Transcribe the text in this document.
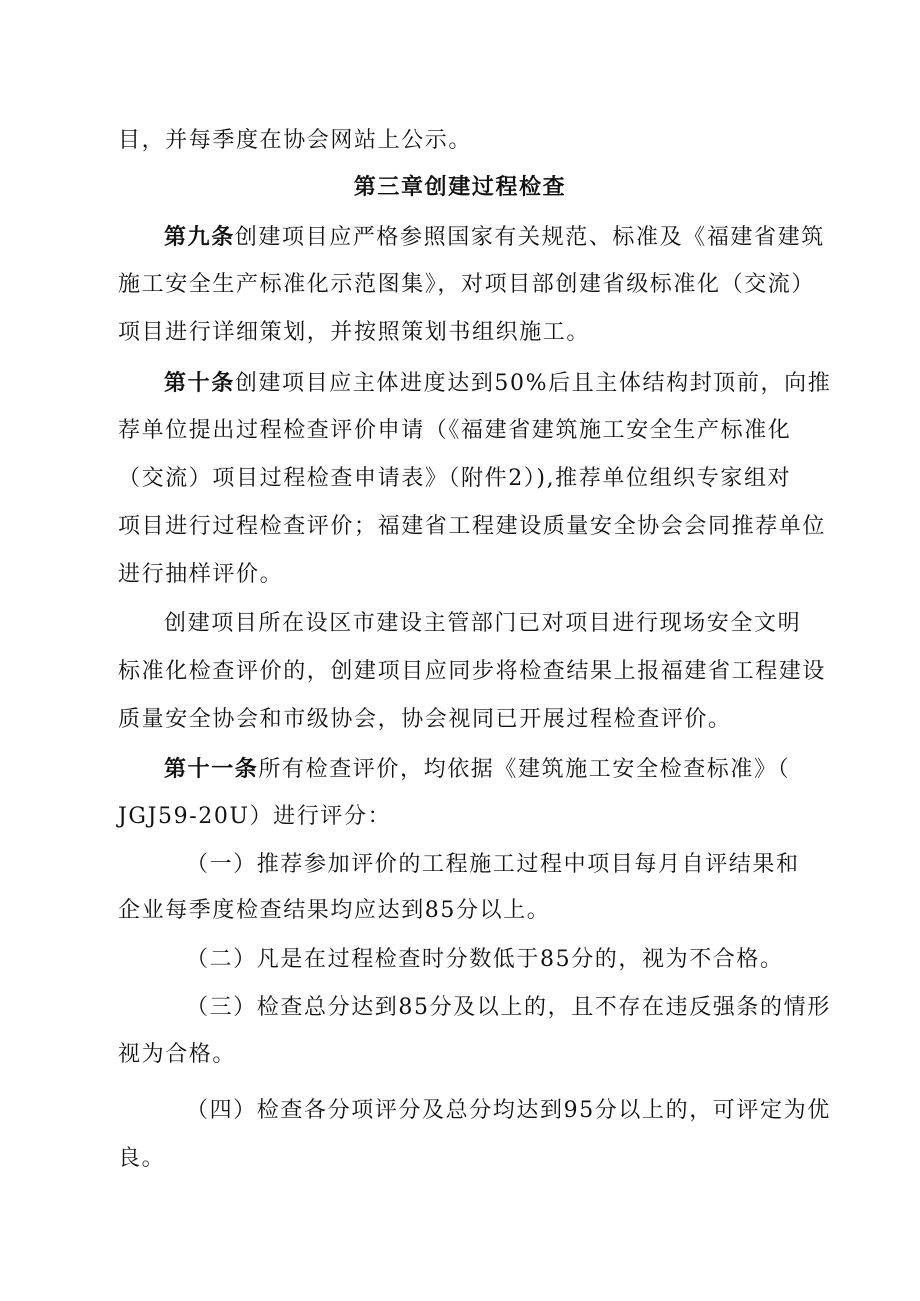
目，并每季度在协会网站上公示。
第三章创建过程检查
第九条创建项目应严格参照国家有关规范、标准及《福建省建筑
施工安全生产标准化示范图集》，对项目部创建省级标准化（交流）
项目进行详细策划，并按照策划书组织施工。
第十条创建项目应主体进度达到50%后且主体结构封顶前，向推
荐单位提出过程检查评价申请（《福建省建筑施工安全生产标准化
（交流）项目过程检查申请表》（附件2）),推荐单位组织专家组对
项目进行过程检查评价；福建省工程建设质量安全协会会同推荐单位
进行抽样评价。
创建项目所在设区市建设主管部门已对项目进行现场安全文明
标准化检查评价的，创建项目应同步将检查结果上报福建省工程建设
质量安全协会和市级协会，协会视同已开展过程检查评价。
第十一条所有检查评价，均依据《建筑施工安全检查标准》（
JGJ59-20U）进行评分：
（一）推荐参加评价的工程施工过程中项目每月自评结果和
企业每季度检查结果均应达到85分以上。
（二）凡是在过程检查时分数低于85分的，视为不合格。
（三）检查总分达到85分及以上的，且不存在违反强条的情形
视为合格。
（四）检查各分项评分及总分均达到95分以上的，可评定为优
良。
